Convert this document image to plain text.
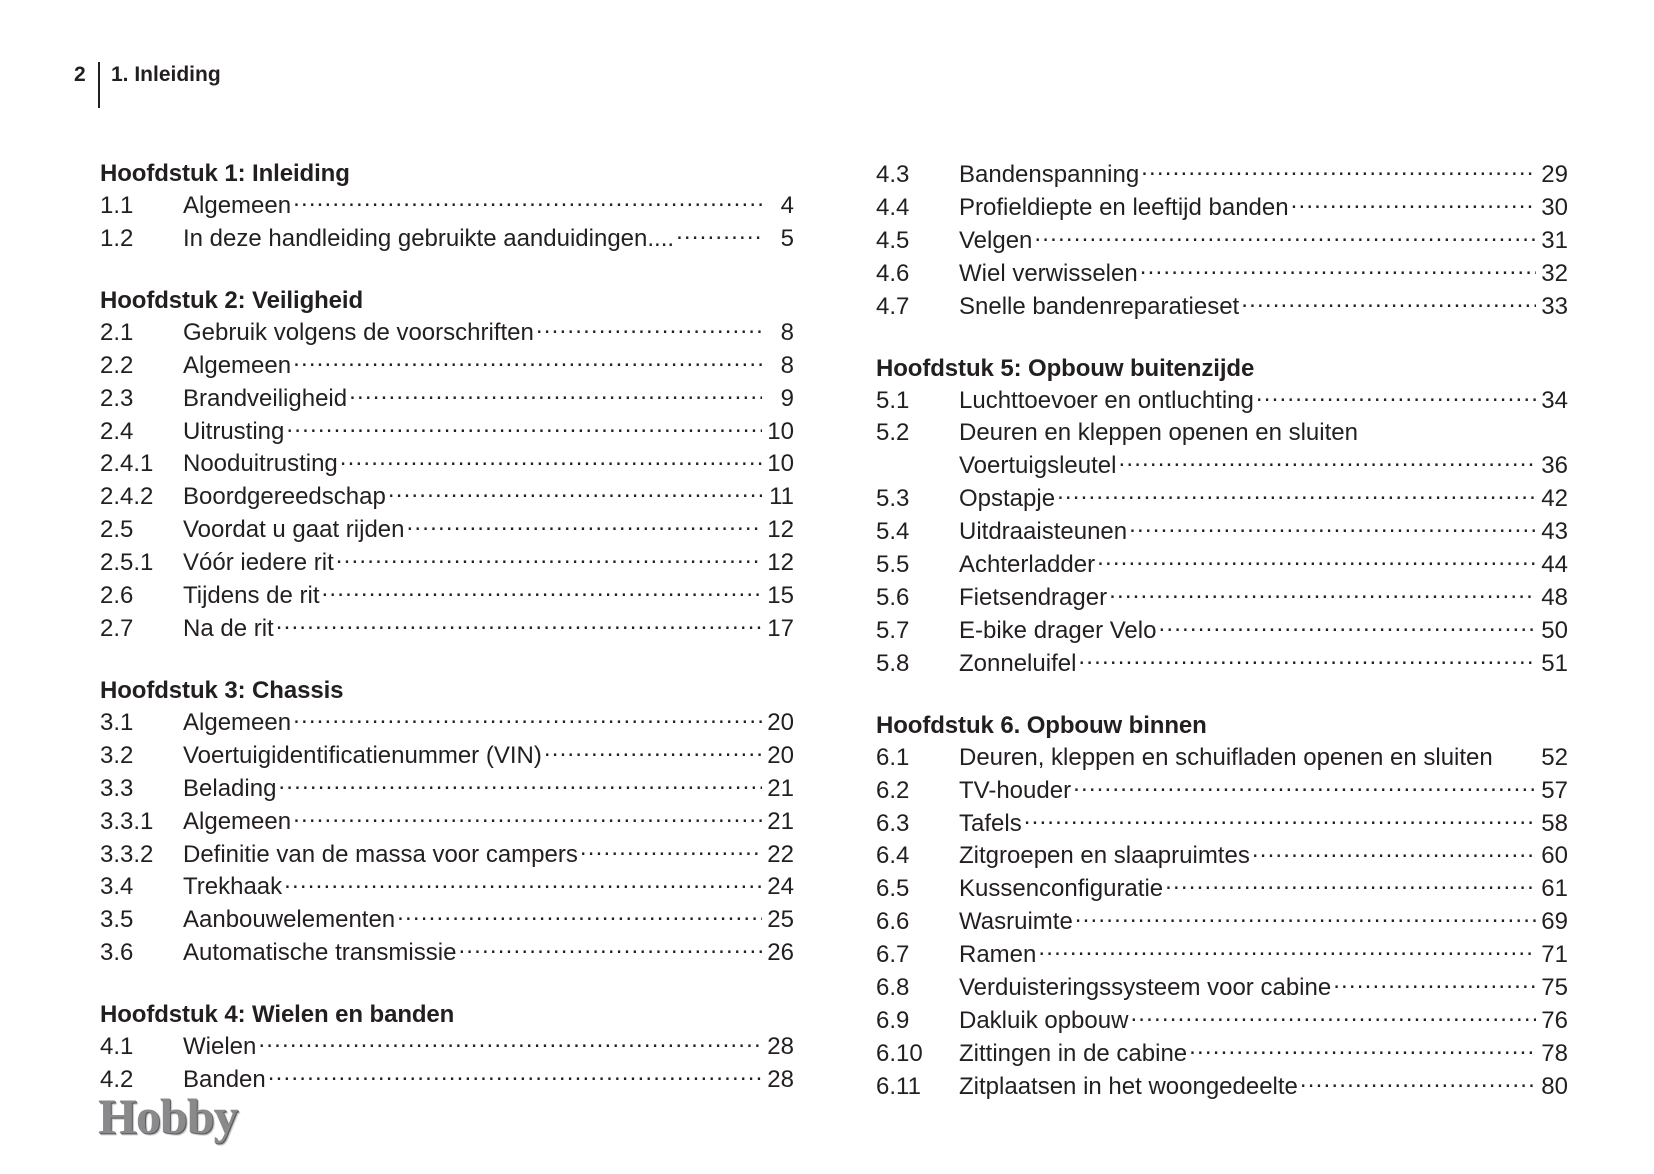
2	1. Inleiding
Hoofdstuk 1: Inleiding
1.1	Algemeen .....	4
1.2	In deze handleiding gebruikte aanduidingen.... .....	5
Hoofdstuk 2: Veiligheid
2.1	Gebruik volgens de voorschriften .....	8
2.2	Algemeen .....	8
2.3	Brandveiligheid .....	9
2.4	Uitrusting .....	10
2.4.1	Nooduitrusting .....	10
2.4.2	Boordgereedschap .....	11
2.5	Voordat u gaat rijden .....	12
2.5.1	Vóór iedere rit .....	12
2.6	Tijdens de rit .....	15
2.7	Na de rit .....	17
Hoofdstuk 3: Chassis
3.1	Algemeen .....	20
3.2	Voertuigidentificatienummer (VIN) .....	20
3.3	Belading .....	21
3.3.1	Algemeen .....	21
3.3.2	Definitie van de massa voor campers .....	22
3.4	Trekhaak .....	24
3.5	Aanbouwelementen .....	25
3.6	Automatische transmissie .....	26
Hoofdstuk 4: Wielen en banden
4.1	Wielen .....	28
4.2	Banden .....	28
4.3	Bandenspanning .....	29
4.4	Profieldiepte en leeftijd banden .....	30
4.5	Velgen .....	31
4.6	Wiel verwisselen .....	32
4.7	Snelle bandenreparatieset .....	33
Hoofdstuk 5: Opbouw buitenzijde
5.1	Luchttoevoer en ontluchting .....	34
5.2	Deuren en kleppen openen en sluiten
Voertuigsleutel .....	36
5.3	Opstapje .....	42
5.4	Uitdraaisteunen .....	43
5.5	Achterladder .....	44
5.6	Fietsendrager .....	48
5.7	E-bike drager Velo .....	50
5.8	Zonneluifel .....	51
Hoofdstuk 6. Opbouw binnen
6.1	Deuren, kleppen en schuifladen openen en sluiten 52
6.2	TV-houder .....	57
6.3	Tafels .....	58
6.4	Zitgroepen en slaapruimtes .....	60
6.5	Kussenconfiguratie .....	61
6.6	Wasruimte .....	69
6.7	Ramen .....	71
6.8	Verduisteringssysteem voor cabine .....	75
6.9	Dakluik opbouw .....	76
6.10	Zittingen in de cabine .....	78
6.11	Zitplaatsen in het woongedeelte .....	80
Hobby
